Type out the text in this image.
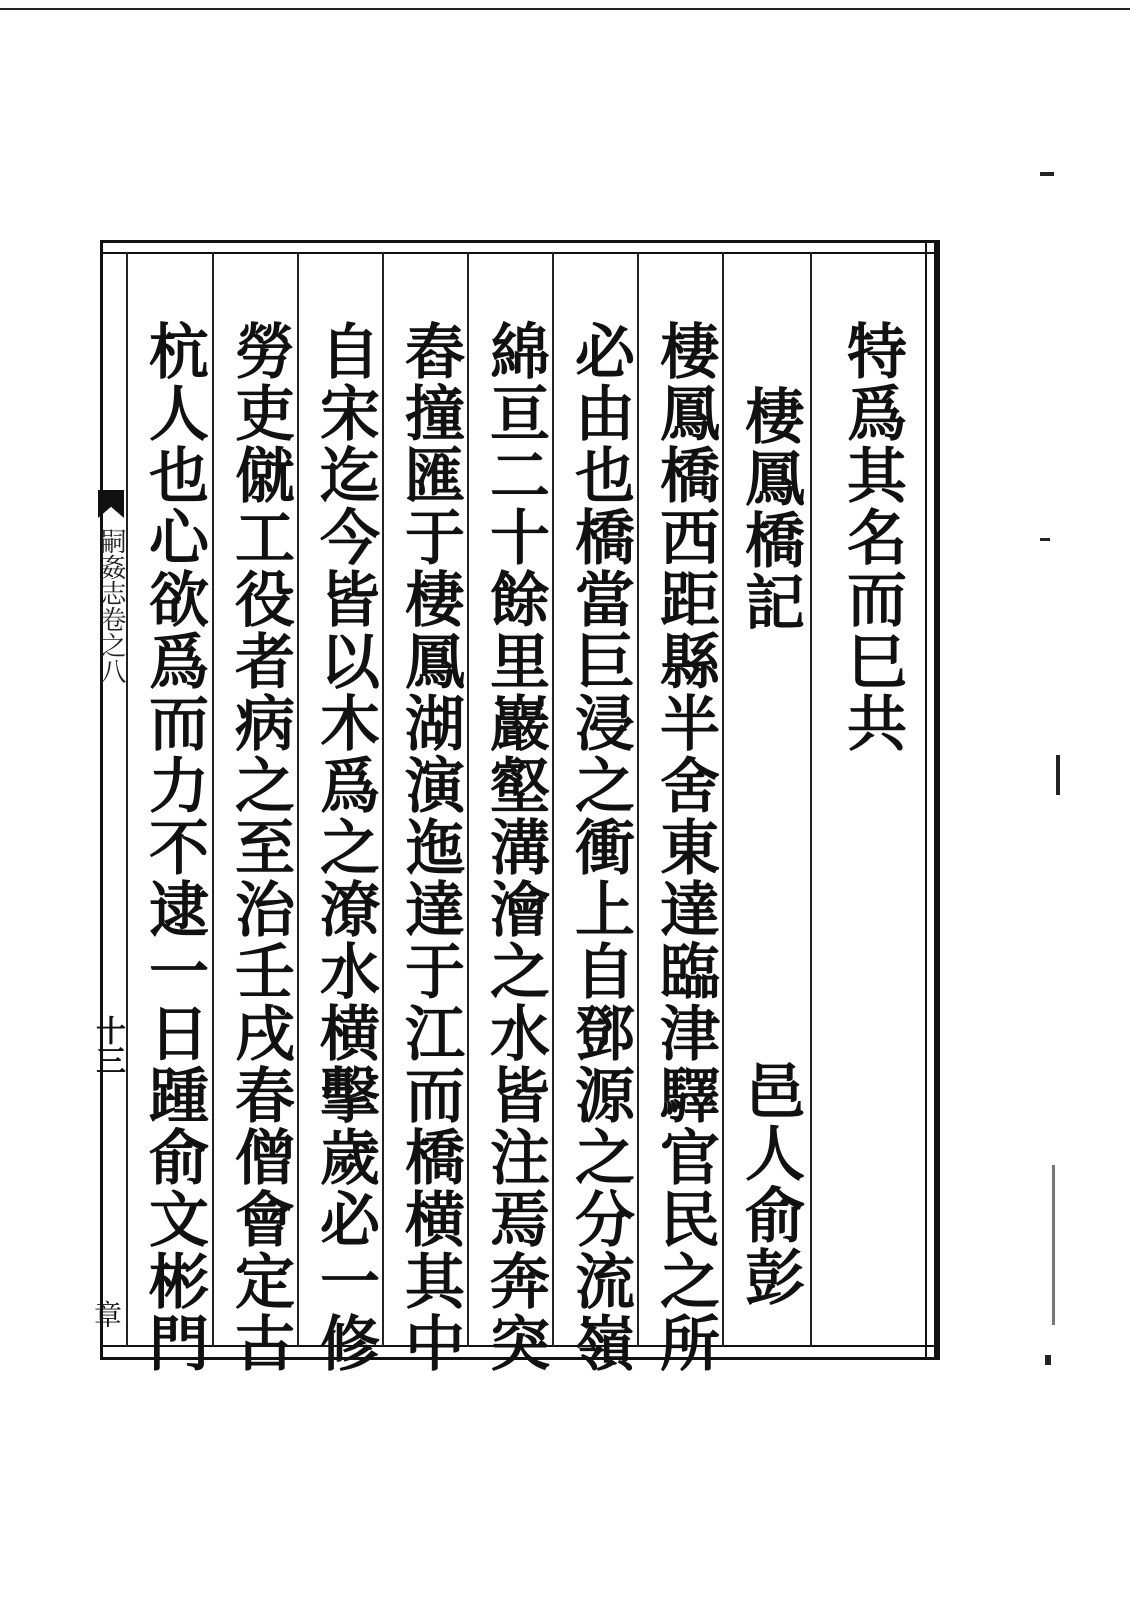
嗣姦志卷之八
十三
章
特爲其名而巳共
棲鳳橋記
邑人俞彭
棲鳳橋西距縣半舍東達臨津驛官民之所
必由也橋當巨浸之衝上自鄧源之分流嶺
綿亘二十餘里巖壑溝澮之水皆注焉奔突
舂撞匯于棲鳳湖演迤達于江而橋横其中
自宋迄今皆以木爲之潦水横擊歲必一修
勞吏僦工役者病之至治壬戌春僧會定古
杭人也心欲爲而力不逮一日踵俞文彬門
